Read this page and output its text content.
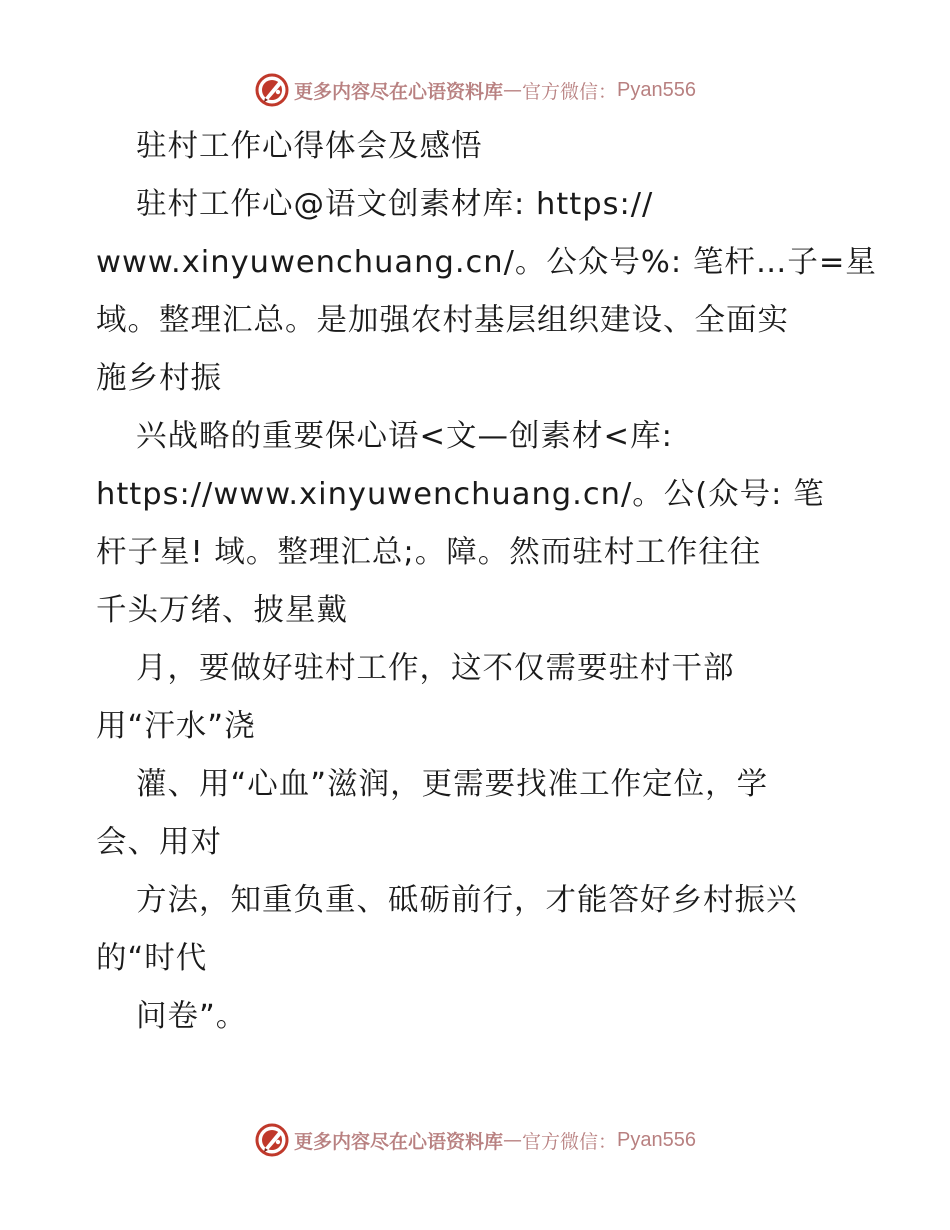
更多内容尽在心语资料库 — 官方微信： Pyan556
驻村工作心得体会及感悟
驻村工作心@语文创素材库: https://
www.xinyuwenchuang.cn/。公众号%: 笔杆…子=星
域。整理汇总。是加强农村基层组织建设、全面实
施乡村振
兴战略的重要保心语<文—创素材<库:
https://www.xinyuwenchuang.cn/。公(众号: 笔
杆子星! 域。整理汇总;。障。然而驻村工作往往
千头万绪、披星戴
月，要做好驻村工作，这不仅需要驻村干部
用“汗水”浇
灌、用“心血”滋润，更需要找准工作定位，学
会、用对
方法，知重负重、砥砺前行，才能答好乡村振兴
的“时代
问卷”。
更多内容尽在心语资料库 — 官方微信： Pyan556
